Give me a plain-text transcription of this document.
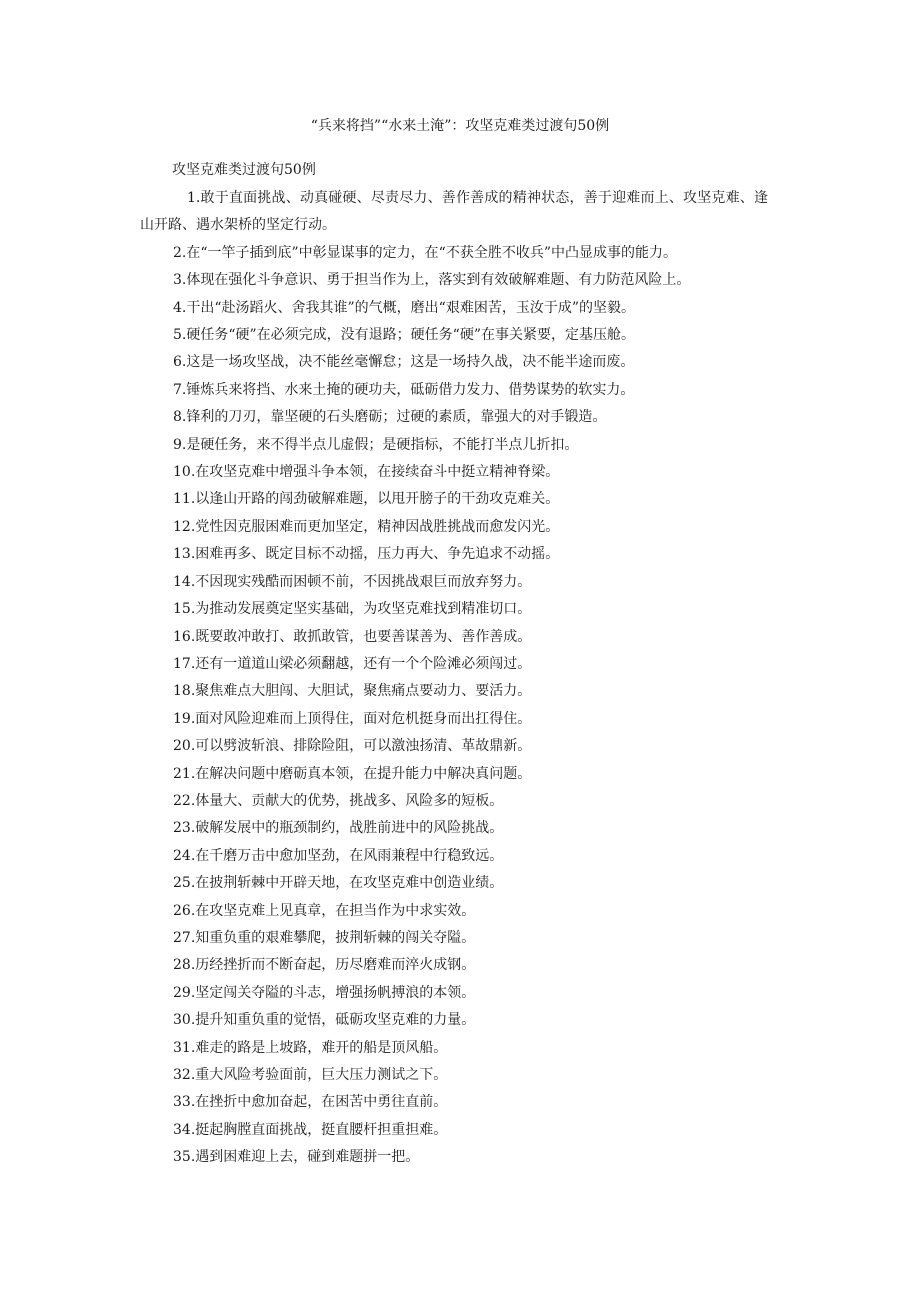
“兵来将挡”“水来土淹”：攻坚克难类过渡句50例
攻坚克难类过渡句50例

1.敢于直面挑战、动真碰硬、尽责尽力、善作善成的精神状态，善于迎难而上、攻坚克难、逢山开路、遇水架桥的坚定行动。

2.在“一竿子插到底”中彰显谋事的定力，在“不获全胜不收兵”中凸显成事的能力。

3.体现在强化斗争意识、勇于担当作为上，落实到有效破解难题、有力防范风险上。

4.干出“赴汤蹈火、舍我其谁”的气概，磨出“艰难困苦，玉汝于成”的坚毅。

5.硬任务“硬”在必须完成，没有退路；硬任务“硬”在事关紧要，定基压舱。

6.这是一场攻坚战，决不能丝毫懈怠；这是一场持久战，决不能半途而废。

7.锤炼兵来将挡、水来土掩的硬功夫，砥砺借力发力、借势谋势的软实力。

8.锋利的刀刃，靠坚硬的石头磨砺；过硬的素质，靠强大的对手锻造。

9.是硬任务，来不得半点儿虚假；是硬指标，不能打半点儿折扣。

10.在攻坚克难中增强斗争本领，在接续奋斗中挺立精神脊梁。

11.以逢山开路的闯劲破解难题，以甩开膀子的干劲攻克难关。

12.党性因克服困难而更加坚定，精神因战胜挑战而愈发闪光。

13.困难再多、既定目标不动摇，压力再大、争先追求不动摇。

14.不因现实残酷而困顿不前，不因挑战艰巨而放弃努力。

15.为推动发展奠定坚实基础，为攻坚克难找到精准切口。

16.既要敢冲敢打、敢抓敢管，也要善谋善为、善作善成。

17.还有一道道山梁必须翻越，还有一个个险滩必须闯过。

18.聚焦难点大胆闯、大胆试，聚焦痛点要动力、要活力。

19.面对风险迎难而上顶得住，面对危机挺身而出扛得住。

20.可以劈波斩浪、排除险阻，可以激浊扬清、革故鼎新。

21.在解决问题中磨砺真本领，在提升能力中解决真问题。

22.体量大、贡献大的优势，挑战多、风险多的短板。

23.破解发展中的瓶颈制约，战胜前进中的风险挑战。

24.在千磨万击中愈加坚劲，在风雨兼程中行稳致远。

25.在披荆斩棘中开辟天地，在攻坚克难中创造业绩。

26.在攻坚克难上见真章，在担当作为中求实效。

27.知重负重的艰难攀爬，披荆斩棘的闯关夺隘。

28.历经挫折而不断奋起，历尽磨难而淬火成钢。

29.坚定闯关夺隘的斗志，增强扬帆搏浪的本领。

30.提升知重负重的觉悟，砥砺攻坚克难的力量。

31.难走的路是上坡路，难开的船是顶风船。

32.重大风险考验面前，巨大压力测试之下。

33.在挫折中愈加奋起，在困苦中勇往直前。

34.挺起胸膛直面挑战，挺直腰杆担重担难。

35.遇到困难迎上去，碰到难题拼一把。
